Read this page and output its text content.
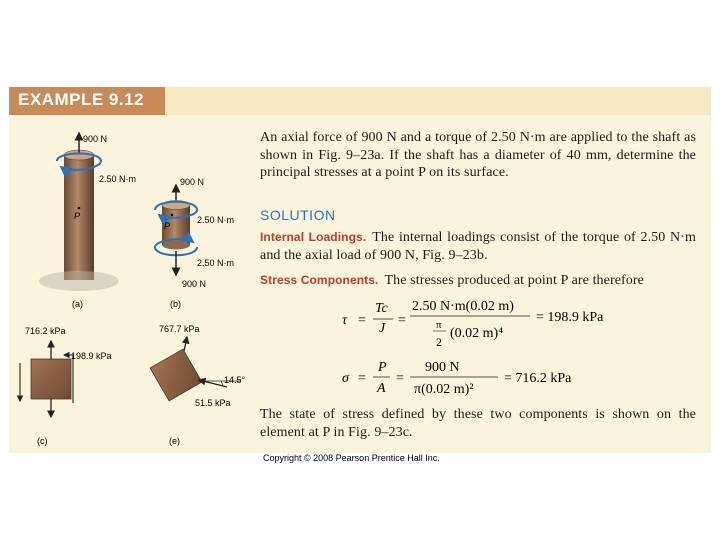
EXAMPLE 9.12
900 N
2.50 N·m
P
(a)
900 N
2.50 N·m
2.50 N·m
P
900 N
(b)
716.2 kPa
198.9 kPa
(c)
767.7 kPa
14.5°
51.5 kPa
(e)
An axial force of 900 N and a torque of 2.50 N·m are applied to the shaft as shown in Fig. 9–23a. If the shaft has a diameter of 40 mm, determine the principal stresses at a point P on its surface.
SOLUTION
Internal Loadings. The internal loadings consist of the torque of 2.50 N·m and the axial load of 900 N, Fig. 9–23b.
Stress Components. The stresses produced at point P are therefore
τ =
Tc
J
=
2.50 N·m(0.02 m)
π
2
(0.02 m)⁴
= 198.9 kPa
σ =
P
A
=
900 N
π(0.02 m)²
= 716.2 kPa
The state of stress defined by these two components is shown on the element at P in Fig. 9–23c.
Copyright © 2008 Pearson Prentice Hall Inc.
